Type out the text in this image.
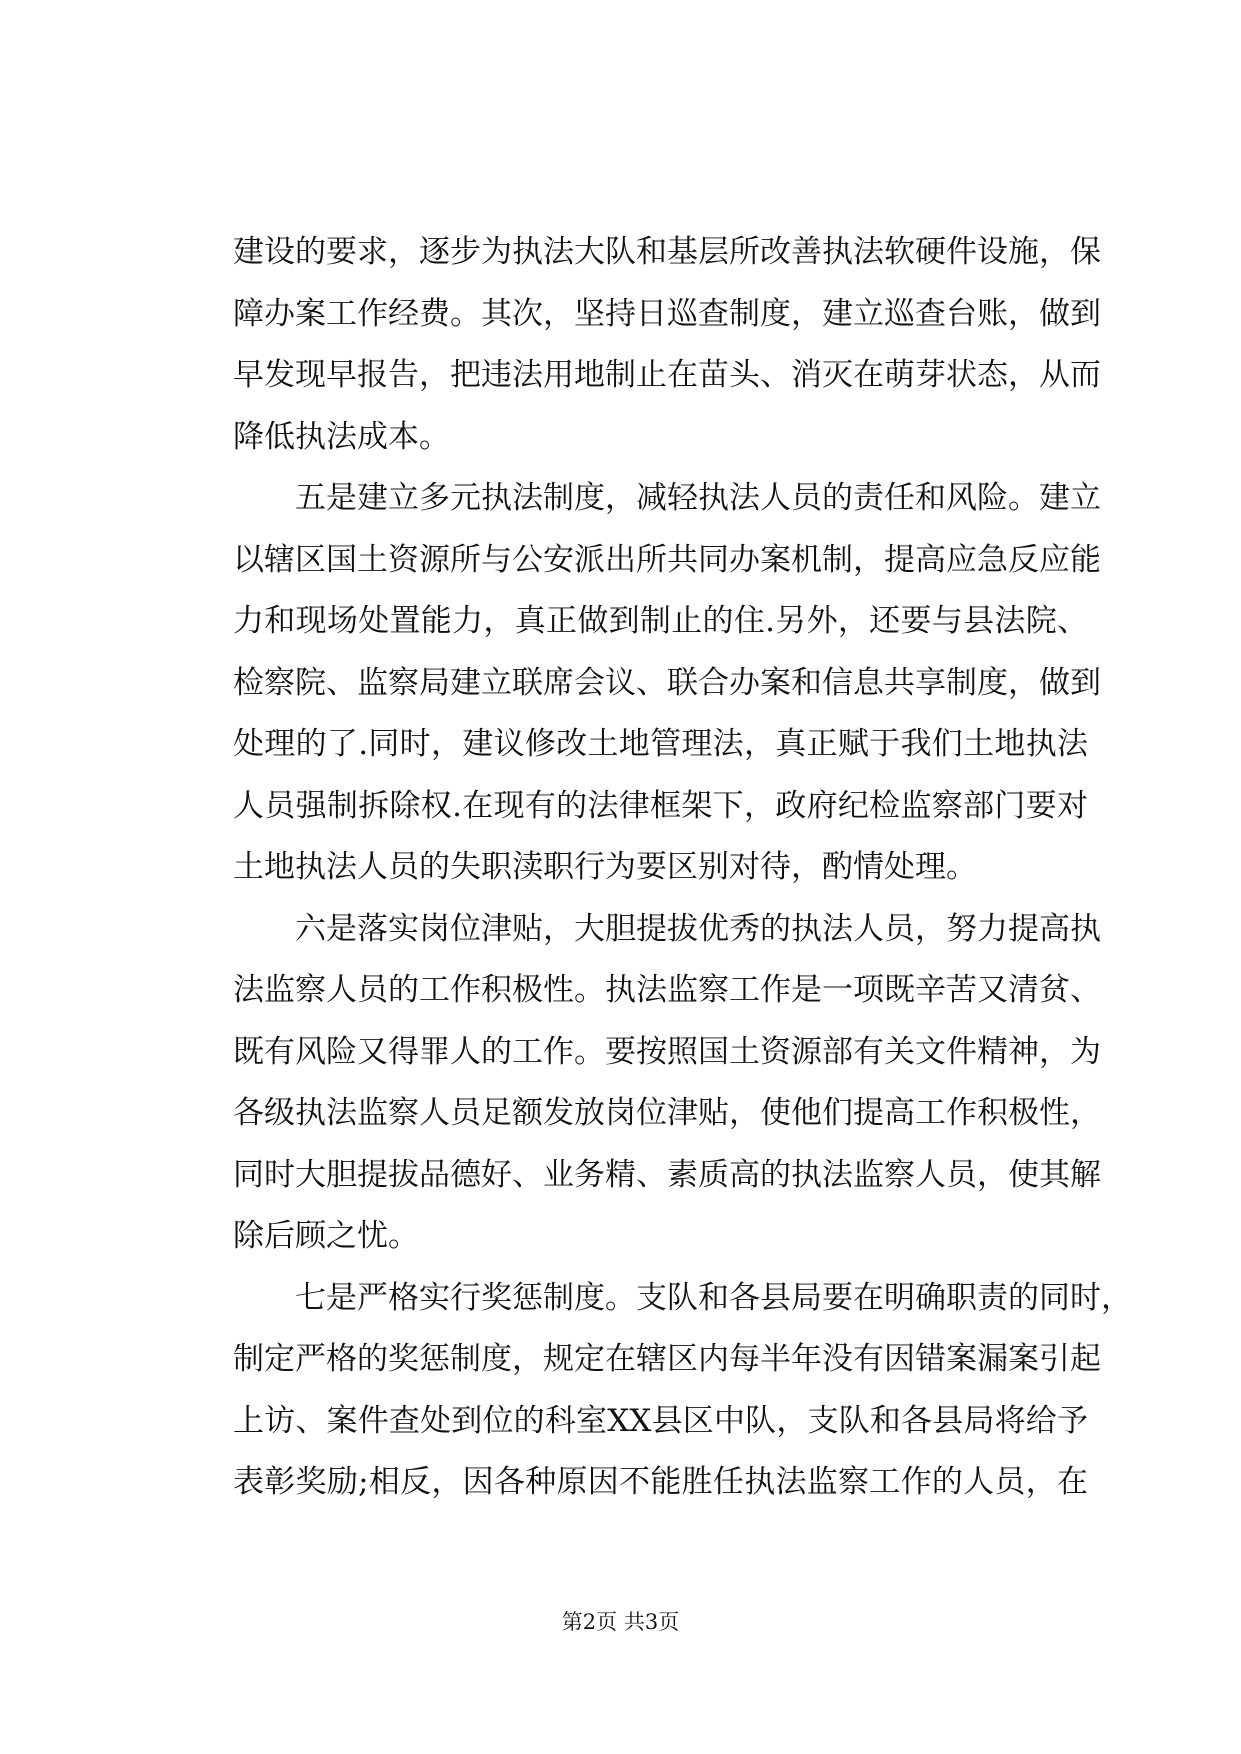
建设的要求，逐步为执法大队和基层所改善执法软硬件设施，保
障办案工作经费。其次，坚持日巡查制度，建立巡查台账，做到
早发现早报告，把违法用地制止在苗头、消灭在萌芽状态，从而
降低执法成本。

五是建立多元执法制度，减轻执法人员的责任和风险。建立
以辖区国土资源所与公安派出所共同办案机制，提高应急反应能
力和现场处置能力，真正做到制止的住.另外，还要与县法院、
检察院、监察局建立联席会议、联合办案和信息共享制度，做到
处理的了.同时，建议修改土地管理法，真正赋于我们土地执法
人员强制拆除权.在现有的法律框架下，政府纪检监察部门要对
土地执法人员的失职渎职行为要区别对待，酌情处理。

六是落实岗位津贴，大胆提拔优秀的执法人员，努力提高执
法监察人员的工作积极性。执法监察工作是一项既辛苦又清贫、
既有风险又得罪人的工作。要按照国土资源部有关文件精神，为
各级执法监察人员足额发放岗位津贴，使他们提高工作积极性，
同时大胆提拔品德好、业务精、素质高的执法监察人员，使其解
除后顾之忧。

七是严格实行奖惩制度。支队和各县局要在明确职责的同时，
制定严格的奖惩制度，规定在辖区内每半年没有因错案漏案引起
上访、案件查处到位的科室XX县区中队，支队和各县局将给予
表彰奖励;相反，因各种原因不能胜任执法监察工作的人员，在

第2页 共3页
